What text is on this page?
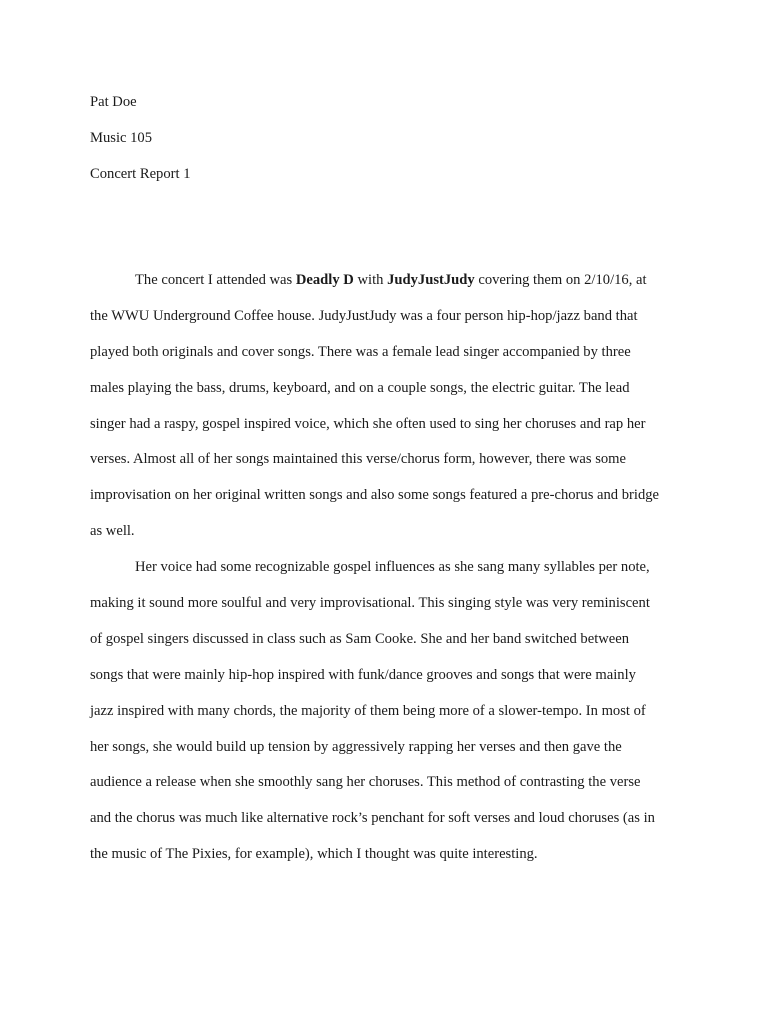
Pat Doe
Music 105
Concert Report 1
The concert I attended was Deadly D with JudyJustJudy covering them on 2/10/16, at
the WWU Underground Coffee house. JudyJustJudy was a four person hip-hop/jazz band that
played both originals and cover songs. There was a female lead singer accompanied by three
males playing the bass, drums, keyboard, and on a couple songs, the electric guitar. The lead
singer had a raspy, gospel inspired voice, which she often used to sing her choruses and rap her
verses. Almost all of her songs maintained this verse/chorus form, however, there was some
improvisation on her original written songs and also some songs featured a pre-chorus and bridge
as well.
Her voice had some recognizable gospel influences as she sang many syllables per note,
making it sound more soulful and very improvisational. This singing style was very reminiscent
of gospel singers discussed in class such as Sam Cooke. She and her band switched between
songs that were mainly hip-hop inspired with funk/dance grooves and songs that were mainly
jazz inspired with many chords, the majority of them being more of a slower-tempo. In most of
her songs, she would build up tension by aggressively rapping her verses and then gave the
audience a release when she smoothly sang her choruses. This method of contrasting the verse
and the chorus was much like alternative rock’s penchant for soft verses and loud choruses (as in
the music of The Pixies, for example), which I thought was quite interesting.
